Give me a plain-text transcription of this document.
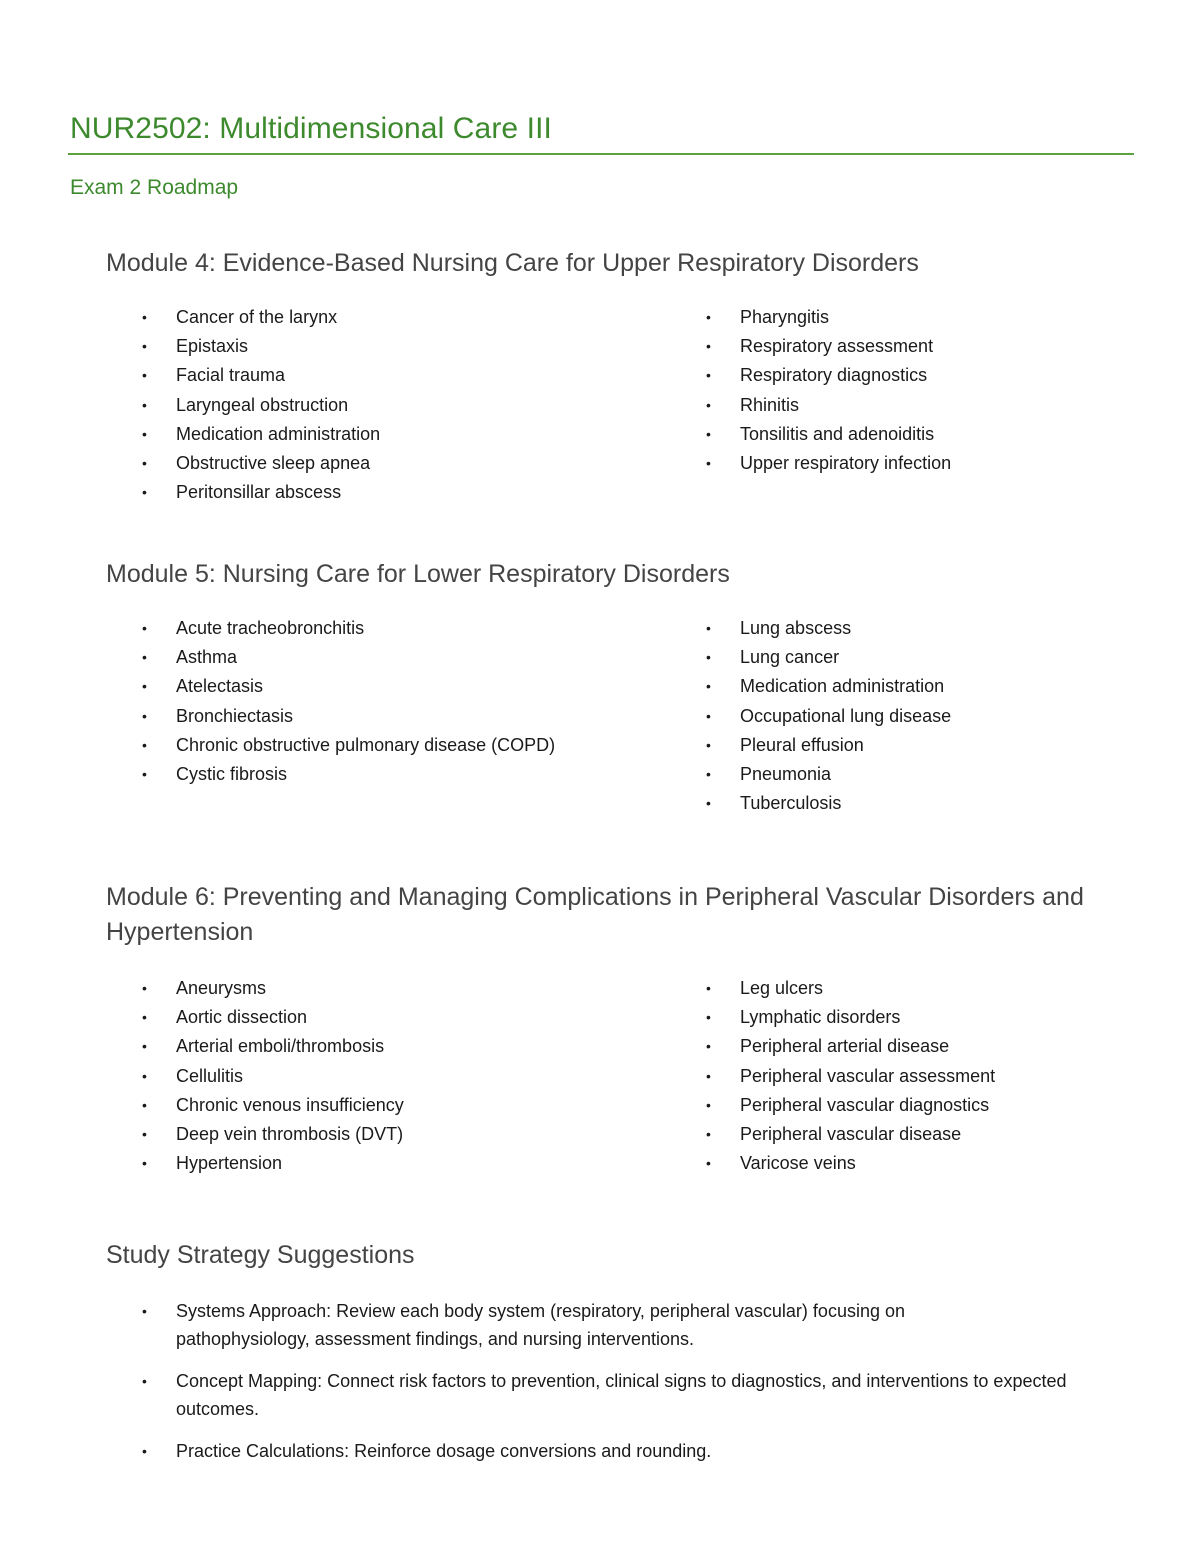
NUR2502: Multidimensional Care III
Exam 2 Roadmap
Module 4: Evidence-Based Nursing Care for Upper Respiratory Disorders
• Cancer of the larynx
• Epistaxis
• Facial trauma
• Laryngeal obstruction
• Medication administration
• Obstructive sleep apnea
• Peritonsillar abscess
• Pharyngitis
• Respiratory assessment
• Respiratory diagnostics
• Rhinitis
• Tonsilitis and adenoiditis
• Upper respiratory infection
Module 5: Nursing Care for Lower Respiratory Disorders
• Acute tracheobronchitis
• Asthma
• Atelectasis
• Bronchiectasis
• Chronic obstructive pulmonary disease (COPD)
• Cystic fibrosis
• Lung abscess
• Lung cancer
• Medication administration
• Occupational lung disease
• Pleural effusion
• Pneumonia
• Tuberculosis
Module 6: Preventing and Managing Complications in Peripheral Vascular Disorders and Hypertension
• Aneurysms
• Aortic dissection
• Arterial emboli/thrombosis
• Cellulitis
• Chronic venous insufficiency
• Deep vein thrombosis (DVT)
• Hypertension
• Leg ulcers
• Lymphatic disorders
• Peripheral arterial disease
• Peripheral vascular assessment
• Peripheral vascular diagnostics
• Peripheral vascular disease
• Varicose veins
Study Strategy Suggestions
• Systems Approach: Review each body system (respiratory, peripheral vascular) focusing on pathophysiology, assessment findings, and nursing interventions.
• Concept Mapping: Connect risk factors to prevention, clinical signs to diagnostics, and interventions to expected outcomes.
• Practice Calculations: Reinforce dosage conversions and rounding.
